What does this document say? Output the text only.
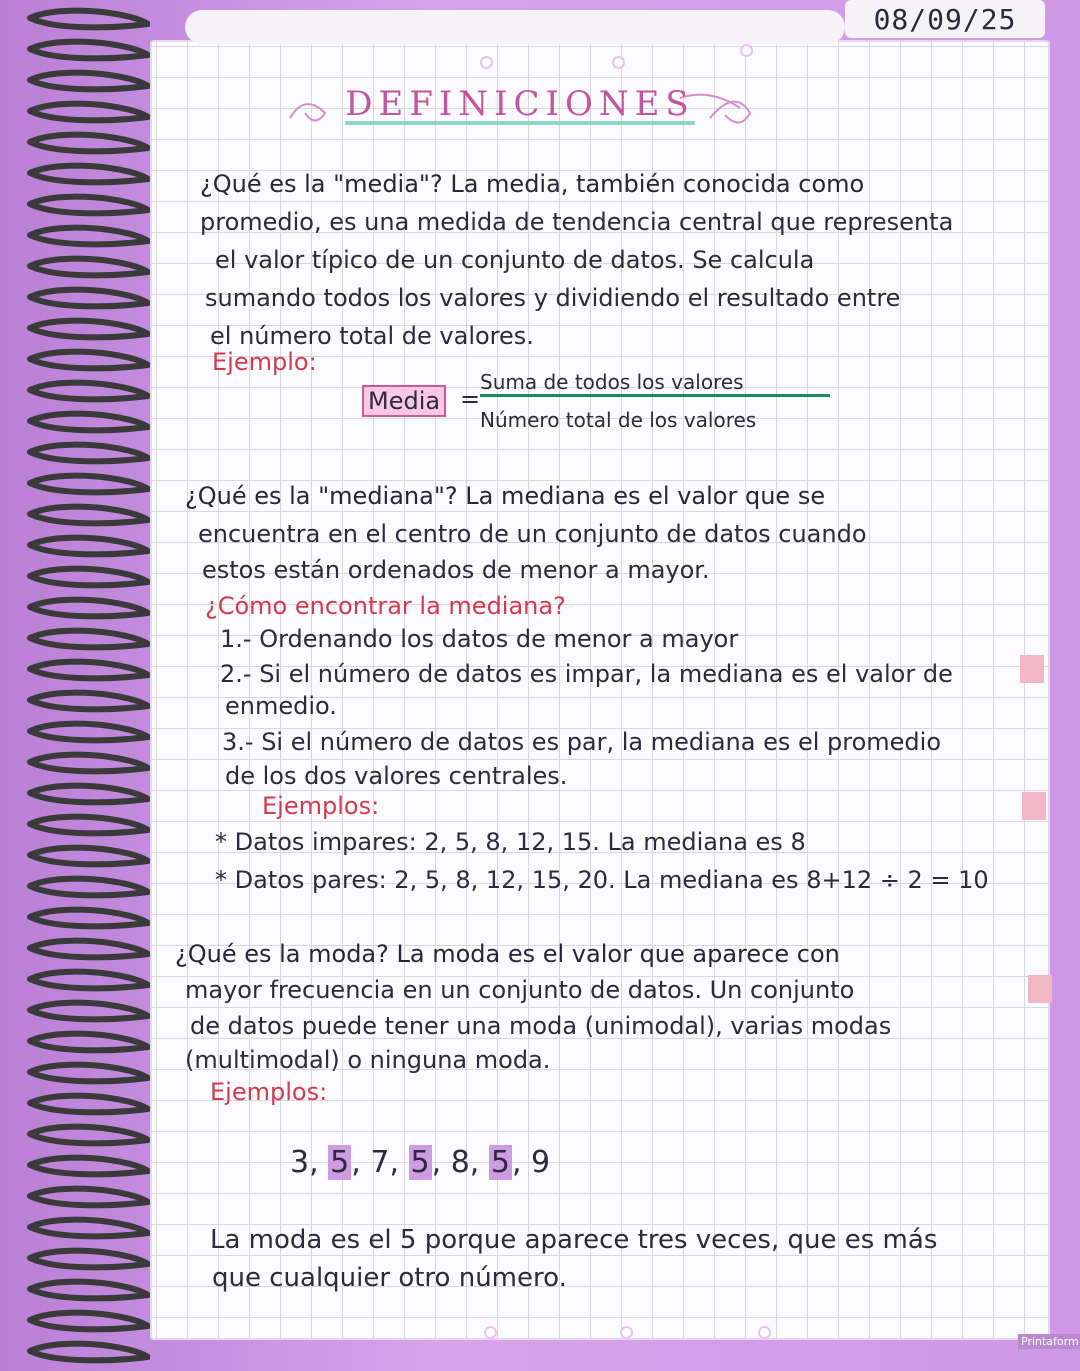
08/09/25
DEFINICIONES
¿Qué es la "media"? La media, también conocida como
promedio, es una medida de tendencia central que representa
el valor típico de un conjunto de datos. Se calcula
sumando todos los valores y dividiendo el resultado entre
el número total de valores.
Ejemplo:
Media =
Suma de todos los valores
Número total de los valores
¿Qué es la "mediana"? La mediana es el valor que se
encuentra en el centro de un conjunto de datos cuando
estos están ordenados de menor a mayor.
¿Cómo encontrar la mediana?
1.- Ordenando los datos de menor a mayor
2.- Si el número de datos es impar, la mediana es el valor de
enmedio.
3.- Si el número de datos es par, la mediana es el promedio
de los dos valores centrales.
Ejemplos:
* Datos impares: 2, 5, 8, 12, 15. La mediana es 8
* Datos pares: 2, 5, 8, 12, 15, 20. La mediana es 8+12 ÷ 2 = 10
¿Qué es la moda? La moda es el valor que aparece con
mayor frecuencia en un conjunto de datos. Un conjunto
de datos puede tener una moda (unimodal), varias modas
(multimodal) o ninguna moda.
Ejemplos:
3, 5, 7, 5, 8, 5, 9
La moda es el 5 porque aparece tres veces, que es más
que cualquier otro número.
Printaform
